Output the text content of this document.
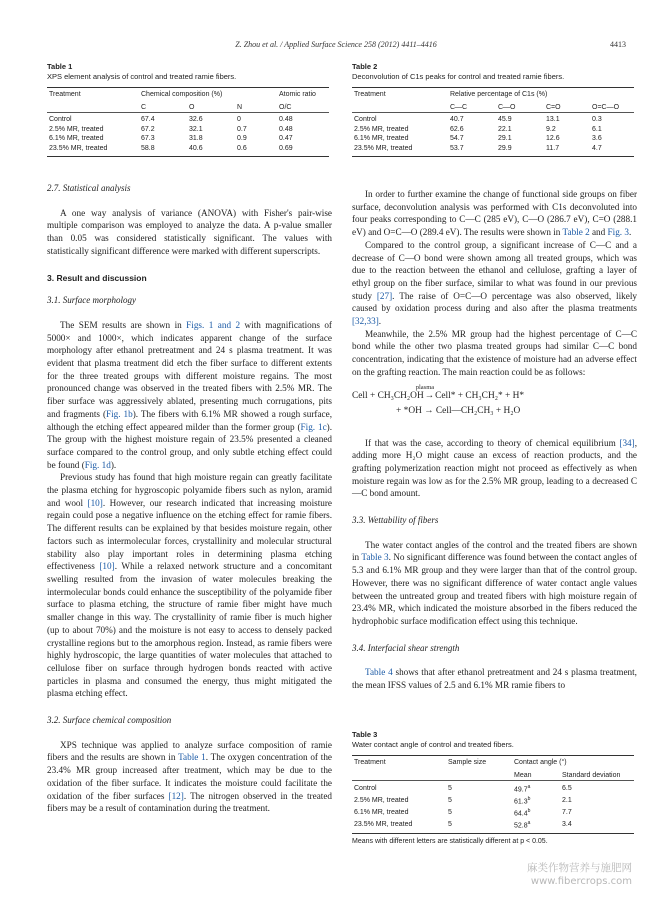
Z. Zhou et al. / Applied Surface Science 258 (2012) 4411–4416	4413
Table 1
XPS element analysis of control and treated ramie fibers.
Treatment	Chemical composition (%)			Atomic ratio
	C	O	N	O/C
Control	67.4	32.6	0	0.48
2.5% MR, treated	67.2	32.1	0.7	0.48
6.1% MR, treated	67.3	31.8	0.9	0.47
23.5% MR, treated	58.8	40.6	0.6	0.69
Table 2
Deconvolution of C1s peaks for control and treated ramie fibers.
Treatment	Relative percentage of C1s (%)			
	C—C	C—O	C=O	O=C—O
Control	40.7	45.9	13.1	0.3
2.5% MR, treated	62.6	22.1	9.2	6.1
6.1% MR, treated	54.7	29.1	12.6	3.6
23.5% MR, treated	53.7	29.9	11.7	4.7
2.7. Statistical analysis

A one way analysis of variance (ANOVA) with Fisher's pair-wise multiple comparison was employed to analyze the data. A p-value smaller than 0.05 was considered statistically significant. The values with statistically significant difference were marked with different superscripts.

3. Result and discussion
3.1. Surface morphology

The SEM results are shown in Figs. 1 and 2 with magnifications of 5000× and 1000×, which indicates apparent change of the surface morphology after ethanol pretreatment and 24 s plasma treatment. It was evident that plasma treatment did etch the fiber surface to different extents for the three treated groups with different moisture regains. The most pronounced change was observed in the treated fibers with 2.5% MR. The fiber surface was aggressively ablated, presenting much corrugations, pits and fragments (Fig. 1b). The fibers with 6.1% MR showed a rough surface, although the etching effect appeared milder than the former group (Fig. 1c). The group with the highest moisture regain of 23.5% presented a cleaned surface compared to the control group, and only subtle etching effect could be found (Fig. 1d).

Previous study has found that high moisture regain can greatly facilitate the plasma etching for hygroscopic polyamide fibers such as nylon, aramid and wool [10]. However, our research indicated that increasing moisture regain could pose a negative influence on the etching effect for ramie fibers. The different results can be explained by that besides moisture regain, other factors such as intermolecular forces, crystallinity and molecular structural stability also play important roles in determining plasma etching effectiveness [10]. While a relaxed network structure and a concomitant swelling resulted from the invasion of water molecules breaking the intermolecular bonds could enhance the susceptibility of the polyamide fiber surface to plasma etching, the structure of ramie fiber might have much smaller change in this way. The crystallinity of ramie fiber is much higher (up to about 70%) and the moisture is not easy to access to densely packed crystalline regions but to the amorphous region. Instead, as ramie fibers were highly hydroscopic, the large quantities of water molecules that attached to cellulose fiber on surface through hydrogen bonds reacted with active particles in plasma and consumed the energy, thus might mitigated the plasma etching effect.

3.2. Surface chemical composition

XPS technique was applied to analyze surface composition of ramie fibers and the results are shown in Table 1. The oxygen concentration of the 23.4% MR group increased after treatment, which may be due to the oxidation of the fiber surface. It indicates the moisture could facilitate the oxidation of the fiber surfaces [12]. The nitrogen observed in the treated fibers may be a result of contamination during the treatment.

In order to further examine the change of functional side groups on fiber surface, deconvolution analysis was performed with C1s deconvoluted into four peaks corresponding to C—C (285 eV), C—O (286.7 eV), C=O (288.1 eV) and O=C—O (289.4 eV). The results were shown in Table 2 and Fig. 3.

Compared to the control group, a significant increase of C—C and a decrease of C—O bond were shown among all treated groups, which was due to the reaction between the ethanol and cellulose, grafting a layer of ethyl group on the fiber surface, similar to what was found in our previous study [27]. The raise of O=C—O percentage was also observed, likely caused by oxidation process during and also after the plasma treatments [32,33].

Meanwhile, the 2.5% MR group had the highest percentage of C—C bond while the other two plasma treated groups had similar C—C bond concentration, indicating that the existence of moisture had an adverse effect on the grafting reaction. The main reaction could be as follows:

Cell + CH₃CH₂OH
plasma
→Cell* + CH₃CH₂* + H*
+ *OH → Cell—CH₂CH₃ + H₂O

If that was the case, according to theory of chemical equilibrium [34], adding more H₂O might cause an excess of reaction products, and the grafting polymerization reaction might not proceed as effectively as when moisture regain was low as for the 2.5% MR group, leading to a decreased C—C bond amount.

3.3. Wettability of fibers

The water contact angles of the control and the treated fibers are shown in Table 3. No significant difference was found between the contact angles of 5.3 and 6.1% MR group and they were larger than that of the control group. However, there was no significant difference of water contact angle values between the untreated group and treated fibers with high moisture regain of 23.4% MR, which indicated the moisture absorbed in the fibers reduced the hydrophobic surface modification effect using this technique.

3.4. Interfacial shear strength

Table 4 shows that after ethanol pretreatment and 24 s plasma treatment, the mean IFSS values of 2.5 and 6.1% MR ramie fibers to

Table 3
Water contact angle of control and treated fibers.
Treatment	Sample size	Contact angle (°)	
		Mean	Standard deviation
Control	5	49.7$^a$	6.5
2.5% MR, treated	5	61.3$^b$	2.1
6.1% MR, treated	5	64.4$^b$	7.7
23.5% MR, treated	5	52.8$^a$	3.4
Means with different letters are statistically different at p < 0.05.
麻类作物营养与施肥网
www.fibercrops.com
